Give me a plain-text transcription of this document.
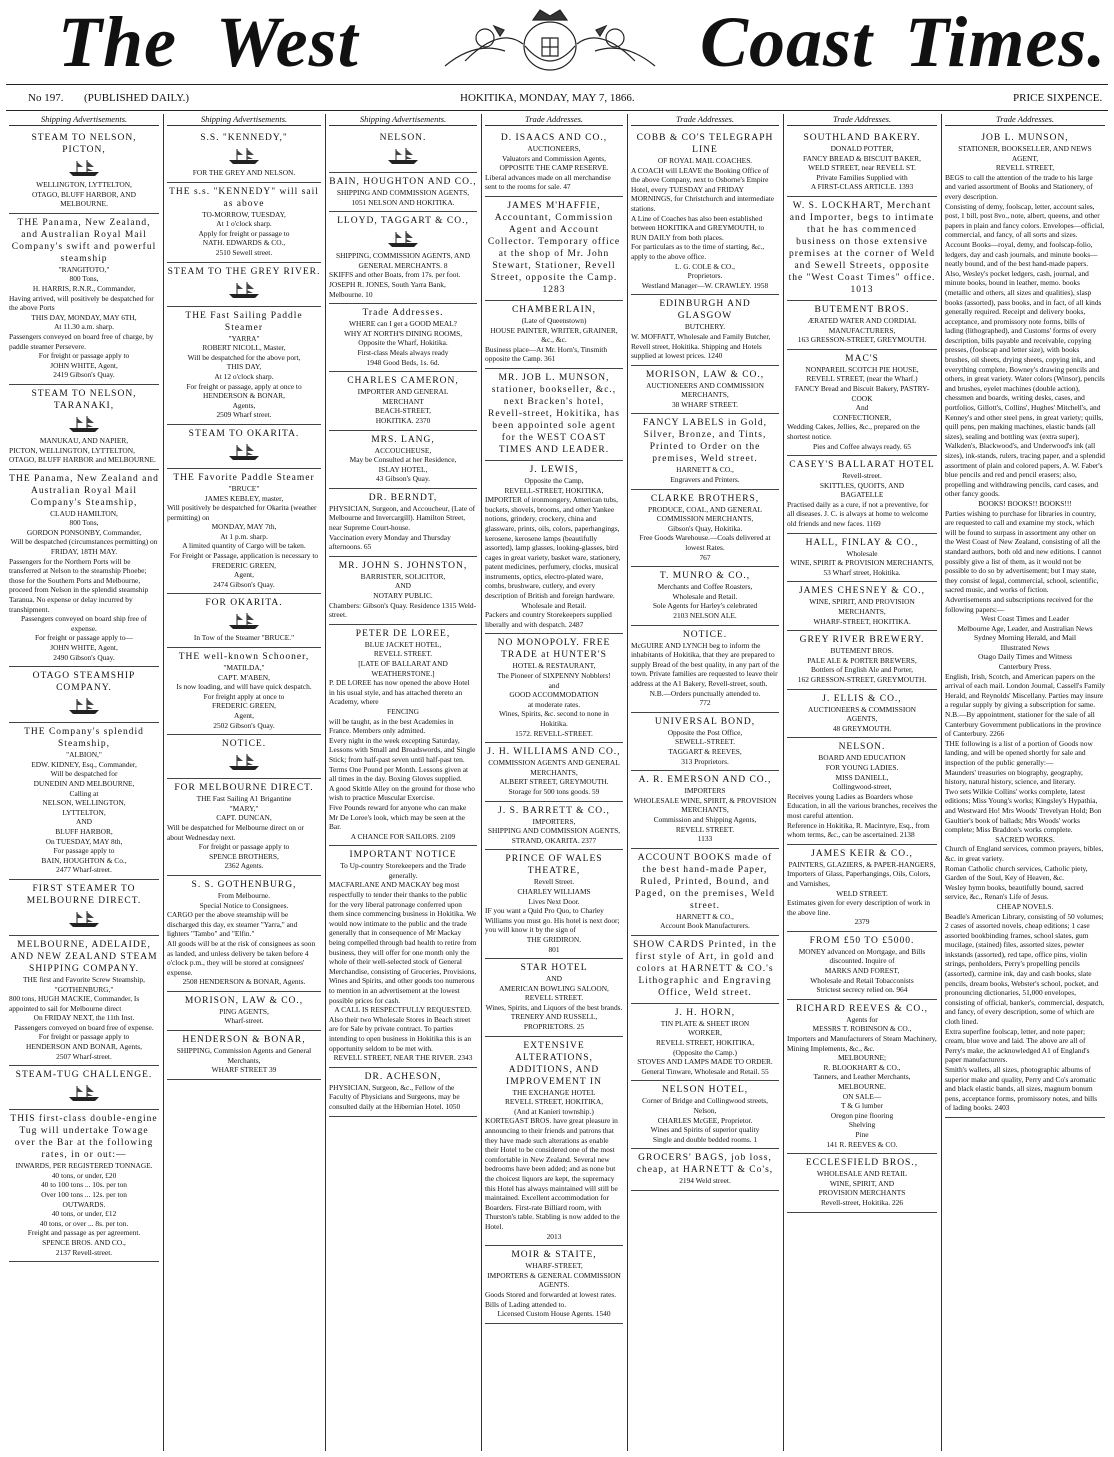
The West	Coast Times.
No 197. (PUBLISHED DAILY.)	HOKITIKA, MONDAY, MAY 7, 1866.	PRICE SIXPENCE.
Shipping Advertisements.

STEAM TO NELSON, PICTON,

WELLINGTON, LYTTELTON,

OTAGO, BLUFF HARBOR, AND

MELBOURNE.

THE Panama, New Zealand, and Australian Royal Mail Company's swift and powerful steamship

"RANGITOTO,"

800 Tons,

H. HARRIS, R.N.R., Commander,

Having arrived, will positively be despatched for the above Ports

THIS DAY, MONDAY, MAY 6TH,

At 11.30 a.m. sharp.

Passengers conveyed on board free of charge, by paddle steamer Persevere.

For freight or passage apply to

JOHN WHITE, Agent,

2419 Gibson's Quay.

STEAM TO NELSON, TARANAKI,

MANUKAU, AND NAPIER,

PICTON, WELLINGTON, LYTTELTON, OTAGO, BLUFF HARBOR and MELBOURNE.

THE Panama, New Zealand and Australian Royal Mail Company's Steamship,

CLAUD HAMILTON,

800 Tons,

GORDON PONSONBY, Commander,

Will be despatched (circumstances permitting) on

FRIDAY, 18TH MAY.

Passengers for the Northern Ports will be transferred at Nelson to the steamship Phoebe; those for the Southern Ports and Melbourne, proceed from Nelson in the splendid steamship Taranua. No expense or delay incurred by transhipment.

Passengers conveyed on board ship free of expense.

For freight or passage apply to—

JOHN WHITE, Agent,

2490 Gibson's Quay.

OTAGO STEAMSHIP COMPANY.

THE Company's splendid Steamship,

"ALBION,"

EDW. KIDNEY, Esq., Commander,

Will be despatched for

DUNEDIN AND MELBOURNE,

Calling at

NELSON, WELLINGTON,

LYTTELTON,

AND

BLUFF HARBOR,

On TUESDAY, MAY 8th,

For passage apply to

BAIN, HOUGHTON & Co.,

2477 Wharf-street.

FIRST STEAMER TO MELBOURNE DIRECT.

MELBOURNE, ADELAIDE, AND NEW ZEALAND STEAM SHIPPING COMPANY.

THE first and Favorite Screw Steamship, "GOTHENBURG,"

800 tons, HUGH MACKIE, Commander, Is appointed to sail for Melbourne direct

On FRIDAY NEXT, the 11th Inst.

Passengers conveyed on board free of expense.

For freight or passage apply to

HENDERSON AND BONAR, Agents,

2507 Wharf-street.

STEAM-TUG CHALLENGE.

THIS first-class double-engine Tug will undertake Towage over the Bar at the following rates, in or out:—

INWARDS, PER REGISTERED TONNAGE.

40 tons, or under, £20

40 to 100 tons ... 10s. per ton

Over 100 tons ... 12s. per ton

OUTWARDS.

40 tons, or under, £12

40 tons, or over ... 8s. per ton.

Freight and passage as per agreement.

SPENCE BROS. AND CO.,

2137 Revell-street.

Shipping Advertisements.

S.S. "KENNEDY,"

FOR THE GREY AND NELSON.

THE s.s. "KENNEDY" will sail as above

TO-MORROW, TUESDAY,

At 1 o'clock sharp.

Apply for freight or passage to

NATH. EDWARDS & CO.,

2510 Sewell street.

STEAM TO THE GREY RIVER.

THE Fast Sailing Paddle Steamer

"YARRA"

ROBERT NICOLL, Master,

Will be despatched for the above port,

THIS DAY,

At 12 o'clock sharp.

For freight or passage, apply at once to

HENDERSON & BONAR,

Agents,

2509 Wharf street.

STEAM TO OKARITA.

THE Favorite Paddle Steamer

"BRUCE"

JAMES KEBLEY, master,

Will positively be despatched for Okarita (weather permitting) on

MONDAY, MAY 7th,

At 1 p.m. sharp.

A limited quantity of Cargo will be taken.

For Freight or Passage, application is necessary to

FREDERIC GREEN,

Agent,

2474 Gibson's Quay.

FOR OKARITA.

In Tow of the Steamer "BRUCE."

THE well-known Schooner,

"MATILDA,"

CAPT. M'ABEN,

Is now loading, and will have quick despatch.

For freight apply at once to

FREDERIC GREEN,

Agent,

2502 Gibson's Quay.

NOTICE.

FOR MELBOURNE DIRECT.

THE Fast Sailing A1 Brigantine

"MARY,"

CAPT. DUNCAN,

Will be despatched for Melbourne direct on or about Wednesday next.

For freight or passage apply to

SPENCE BROTHERS,

2362 Agents.

S. S. GOTHENBURG,

From Melbourne.

Special Notice to Consignees.

CARGO per the above steamship will be discharged this day, ex steamer "Yarra," and lighters "Tambo" and "Elfin."

All goods will be at the risk of consignees as soon as landed, and unless delivery be taken before 4 o'clock p.m., they will be stored at consignees' expense.

2508 HENDERSON & BONAR, Agents.

MORISON, LAW & CO.,

PING AGENTS,

Wharf-street.

HENDERSON & BONAR,

SHIPPING, Commission Agents and General Merchants,

WHARF STREET 39

Shipping Advertisements.

NELSON.

BAIN, HOUGHTON AND CO.,

SHIPPING AND COMMISSION AGENTS,

1051 NELSON AND HOKITIKA.

LLOYD, TAGGART & CO.,

SHIPPING, COMMISSION AGENTS, AND GENERAL MERCHANTS. 8

SKIFFS and other Boats, from 17s. per foot. JOSEPH R. JONES, South Yarra Bank, Melbourne. 10

Trade Addresses.

WHERE can I get a GOOD MEAL?

WHY AT NORTH'S DINING ROOMS,

Opposite the Wharf, Hokitika.

First-class Meals always ready

1948 Good Beds, 1s. 6d.

CHARLES CAMERON,

IMPORTER AND GENERAL

MERCHANT

BEACH-STREET,

HOKITIKA. 2370

MRS. LANG,

ACCOUCHEUSE,

May be Consulted at her Residence,

ISLAY HOTEL,

43 Gibson's Quay.

DR. BERNDT,

PHYSICIAN, Surgeon, and Accoucheur, (Late of Melbourne and Invercargill). Hamilton Street, near Supreme Court-house.

Vaccination every Monday and Thursday afternoons. 65

MR. JOHN S. JOHNSTON,

BARRISTER, SOLICITOR,

AND

NOTARY PUBLIC.

Chambers: Gibson's Quay. Residence 1315 Weld-street.

PETER DE LOREE,

BLUE JACKET HOTEL,

REVELL STREET.

[LATE OF BALLARAT AND WEATHERSTONE.]

P. DE LOREE has now opened the above Hotel in his usual style, and has attached thereto an Academy, where

FENCING

will be taught, as in the best Academies in France. Members only admitted.

Every night in the week excepting Saturday, Lessons with Small and Broadswords, and Single Stick; from half-past seven until half-past ten. Terms One Pound per Month. Lessons given at all times in the day. Boxing Gloves supplied.

A good Skittle Alley on the ground for those who wish to practice Muscular Exercise.

Five Pounds reward for anyone who can make Mr De Loree's look, which may be seen at the Bar.

A CHANCE FOR SAILORS. 2109

IMPORTANT NOTICE

To Up-country Storekeepers and the Trade generally.

MACFARLANE AND MACKAY beg most respectfully to tender their thanks to the public for the very liberal patronage conferred upon them since commencing business in Hokitika. We would now intimate to the public and the trade generally that in consequence of Mr Mackay being compelled through bad health to retire from business, they will offer for one month only the whole of their well-selected stock of General Merchandise, consisting of Groceries, Provisions, Wines and Spirits, and other goods too numerous to mention in an advertisement at the lowest possible prices for cash.

A CALL IS RESPECTFULLY REQUESTED.

Also their two Wholesale Stores in Beach street are for Sale by private contract. To parties intending to open business in Hokitika this is an opportunity seldom to be met with.

REVELL STREET, NEAR THE RIVER. 2343

DR. ACHESON,

PHYSICIAN, Surgeon, &c., Fellow of the Faculty of Physicians and Surgeons, may be consulted daily at the Hibernian Hotel. 1050

Trade Addresses.

D. ISAACS AND CO.,

AUCTIONEERS,

Valuators and Commission Agents,

OPPOSITE THE CAMP RESERVE.

Liberal advances made on all merchandise sent to the rooms for sale. 47

JAMES M'HAFFIE, Accountant, Commission Agent and Account Collector. Temporary office at the shop of Mr. John Stewart, Stationer, Revell Street, opposite the Camp. 1283

CHAMBERLAIN,

(Late of Queenstown)

HOUSE PAINTER, WRITER, GRAINER, &c., &c.

Business place—At Mr. Horn's, Tinsmith opposite the Camp. 361

MR. JOB L. MUNSON, stationer, bookseller, &c., next Bracken's hotel, Revell-street, Hokitika, has been appointed sole agent for the WEST COAST TIMES AND LEADER.

J. LEWIS,

Opposite the Camp,

REVELL-STREET, HOKITIKA,

IMPORTER of ironmongery, American tubs, buckets, shovels, brooms, and other Yankee notions, grindery, crockery, china and glassware, prints, oils, colors, paperhangings, kerosene, kerosene lamps (beautifully assorted), lamp glasses, looking-glasses, bird cages in great variety, basket ware, stationery, patent medicines, perfumery, clocks, musical instruments, optics, electro-plated ware, combs, brushware, cutlery, and every description of British and foreign hardware.

Wholesale and Retail.

Packers and country Storekeepers supplied liberally and with despatch. 2487

NO MONOPOLY. FREE TRADE at HUNTER'S

HOTEL & RESTAURANT,

The Pioneer of SIXPENNY Nobblers!

and

GOOD ACCOMMODATION

at moderate rates.

Wines, Spirits, &c. second to none in Hokitika.

1572. REVELL-STREET.

J. H. WILLIAMS AND CO.,

COMMISSION AGENTS AND GENERAL MERCHANTS,

ALBERT STREET, GREYMOUTH.

Storage for 500 tons goods. 59

J. S. BARRETT & CO.,

IMPORTERS,

SHIPPING AND COMMISSION AGENTS,

STRAND, OKARITA. 2377

PRINCE OF WALES THEATRE,

Revell Street.

CHARLEY WILLIAMS

Lives Next Door.

IF you want a Quid Pro Quo, to Charley Williams you must go. His hotel is next door; you will know it by the sign of

THE GRIDIRON.

801

STAR HOTEL

AND

AMERICAN BOWLING SALOON,

REVELL STREET.

Wines, Spirits, and Liquors of the best brands.

TRENERY AND RUSSELL,

PROPRIETORS. 25

EXTENSIVE ALTERATIONS, ADDITIONS, AND IMPROVEMENT IN

THE EXCHANGE HOTEL

REVELL STREET, HOKITIKA,

(And at Kanieri township.)

KORTEGAST BROS. have great pleasure in announcing to their friends and patrons that they have made such alterations as enable their Hotel to be considered one of the most comfortable in New Zealand. Several new bedrooms have been added; and as none but the choicest liquors are kept, the supremacy this Hotel has always maintained will still be maintained. Excellent accommodation for Boarders. First-rate Billiard room, with Thurston's table. Stabling is now added to the Hotel.

2013

MOIR & STAITE,

WHARF-STREET,

IMPORTERS & GENERAL COMMISSION AGENTS.

Goods Stored and forwarded at lowest rates. Bills of Lading attended to.

Licensed Custom House Agents. 1540

Trade Addresses.

COBB & CO'S TELEGRAPH LINE

OF ROYAL MAIL COACHES.

A COACH will LEAVE the Booking Office of the above Company, next to Osborne's Empire Hotel, every TUESDAY and FRIDAY MORNINGS, for Christchurch and intermediate stations.

A Line of Coaches has also been established between HOKITIKA and GREYMOUTH, to RUN DAILY from both places.

For particulars as to the time of starting, &c., apply to the above office.

L. G. COLE & CO.,

Proprietors.

Westland Manager—W. CRAWLEY. 1958

EDINBURGH AND GLASGOW

BUTCHERY.

W. MOFFATT, Wholesale and Family Butcher, Revell street, Hokitika. Shipping and Hotels supplied at lowest prices. 1240

MORISON, LAW & CO.,

AUCTIONEERS AND COMMISSION

MERCHANTS,

38 WHARF STREET.

FANCY LABELS in Gold, Silver, Bronze, and Tints, Printed to Order on the premises, Weld street.

HARNETT & CO.,

Engravers and Printers.

CLARKE BROTHERS,

PRODUCE, COAL, AND GENERAL

COMMISSION MERCHANTS,

Gibson's Quay, Hokitika.

Free Goods Warehouse.—Coals delivered at lowest Rates.

767

T. MUNRO & CO.,

Merchants and Coffee Roasters,

Wholesale and Retail.

Sole Agents for Harley's celebrated

2103 NELSON ALE.

NOTICE.

McGUIRE AND LYNCH beg to inform the inhabitants of Hokitika, that they are prepared to supply Bread of the best quality, in any part of the town. Private families are requested to leave their address at the A1 Bakery, Revell-street, south.

N.B.—Orders punctually attended to.

772

UNIVERSAL BOND,

Opposite the Post Office,

SEWELL-STREET.

TAGGART & REEVES,

313 Proprietors.

A. R. EMERSON AND CO.,

IMPORTERS

WHOLESALE WINE, SPIRIT, & PROVISION MERCHANTS,

Commission and Shipping Agents,

REVELL STREET.

1133

ACCOUNT BOOKS made of the best hand-made Paper, Ruled, Printed, Bound, and Paged, on the premises, Weld street.

HARNETT & CO.,

Account Book Manufacturers.

SHOW CARDS Printed, in the first style of Art, in gold and colors at HARNETT & CO.'s Lithographic and Engraving Office, Weld street.

J. H. HORN,

TIN PLATE & SHEET IRON

WORKER,

REVELL STREET, HOKITIKA,

(Opposite the Camp.)

STOVES AND LAMPS MADE TO ORDER.

General Tinware, Wholesale and Retail. 55

NELSON HOTEL,

Corner of Bridge and Collingwood streets,

Nelson,

CHARLES McGEE, Proprietor.

Wines and Spirits of superior quality

Single and double bedded rooms. 1

GROCERS' BAGS, job loss, cheap, at HARNETT & Co's,

2194 Weld street.

Trade Addresses.

SOUTHLAND BAKERY.

DONALD POTTER,

FANCY BREAD & BISCUIT BAKER,

WELD STREET, near REVELL ST.

Private Families Supplied with

A FIRST-CLASS ARTICLE. 1393

W. S. LOCKHART, Merchant and Importer, begs to intimate that he has commenced business on those extensive premises at the corner of Weld and Sewell Streets, opposite the "West Coast Times" office. 1013

BUTEMENT BROS.

ÆRATED WATER AND CORDIAL

MANUFACTURERS,

163 GRESSON-STREET, GREYMOUTH.

MAC'S

NONPAREIL SCOTCH PIE HOUSE,

REVELL STREET, (near the Wharf.)

FANCY Bread and Biscuit Bakery, PASTRY-COOK

And

CONFECTIONER,

Wedding Cakes, Jellies, &c., prepared on the shortest notice.

Pies and Coffee always ready. 65

CASEY'S BALLARAT HOTEL

Revell-street.

SKITTLES, QUOITS, AND

BAGATELLE

Practised daily as a cure, if not a preventive, for all diseases. J. C. is always at home to welcome old friends and new faces. 1169

HALL, FINLAY & CO.,

Wholesale

WINE, SPIRIT & PROVISION MERCHANTS,

53 Wharf street, Hokitika.

JAMES CHESNEY & CO.,

WINE, SPIRIT, AND PROVISION

MERCHANTS,

WHARF-STREET, HOKITIKA.

GREY RIVER BREWERY.

BUTEMENT BROS.

PALE ALE & PORTER BREWERS,

Bottlers of English Ale and Porter,

162 GRESSON-STREET, GREYMOUTH.

J. ELLIS & CO.,

AUCTIONEERS & COMMISSION

AGENTS,

48 GREYMOUTH.

NELSON.

BOARD AND EDUCATION

FOR YOUNG LADIES.

MISS DANIELL,

Collingwood-street,

Receives young Ladies as Boarders whose Education, in all the various branches, receives the most careful attention.

Reference in Hokitika, R. Macintyre, Esq., from whom terms, &c., can be ascertained. 2138

JAMES KEIR & CO.,

PAINTERS, GLAZIERS, & PAPER-HANGERS,

Importers of Glass, Paperhangings, Oils, Colors, and Varnishes,

WELD STREET.

Estimates given for every description of work in the above line.

2379

FROM £50 TO £5000.

MONEY advanced on Mortgage, and Bills discounted. Inquire of

MARKS AND FOREST,

Wholesale and Retail Tobacconists

Strictest secrecy relied on. 964

RICHARD REEVES & CO.,

Agents for

MESSRS T. ROBINSON & CO.,

Importers and Manufacturers of Steam Machinery, Mining Implements, &c., &c.

MELBOURNE;

R. BLOOKHART & CO.,

Tanners, and Leather Merchants,

MELBOURNE.

ON SALE—

T & G lumber

Oregon pine flooring

Shelving

Pine

141 R. REEVES & CO.

ECCLESFIELD BROS.,

WHOLESALE AND RETAIL

WINE, SPIRIT, AND

PROVISION MERCHANTS

Revell-street, Hokitika. 226

Trade Addresses.

JOB L. MUNSON,

STATIONER, BOOKSELLER, AND NEWS

AGENT,

REVELL STREET,

BEGS to call the attention of the trade to his large and varied assortment of Books and Stationery, of every description.

Consisting of demy, foolscap, letter, account sales, post, 1 bill, post 8vo., note, albert, queens, and other papers in plain and fancy colors. Envelopes—official, commercial, and fancy, of all sorts and sizes.

Account Books—royal, demy, and foolscap-folio, ledgers, day and cash journals, and minute books—neatly bound, and of the best hand-made papers. Also, Wesley's pocket ledgers, cash, journal, and minute books, bound in leather, memo. books (metallic and others, all sizes and qualities), slasp books (assorted), pass books, and in fact, of all kinds generally required. Receipt and delivery books, acceptance, and promissory note forms, bills of lading (lithographed), and Customs' forms of every description, bills payable and receivable, copying presses, (foolscap and letter size), with books brushes, oil sheets, drying sheets, copying ink, and everything complete, Bowney's drawing pencils and others, in great variety. Water colors (Winsor), pencils and brushes, eyelet machines (double action), chessmen and boards, writing desks, cases, and portfolios, Gillott's, Collins', Hughes' Mitchell's, and Kenney's and other steel pens, in great variety; quills, quill pens, pen making machines, elastic bands (all sizes), sealing and bottling wax (extra super), Walkden's, Blackwood's, and Underwood's ink (all sizes), ink-stands, rulers, tracing paper, and a splendid assortment of plain and colored papers, A. W. Faber's blue pencils and red and pencil erasers; also, propelling and withdrawing pencils, card cases, and other fancy goods.

BOOKS! BOOKS!! BOOKS!!!

Parties wishing to purchase for libraries in country, are requested to call and examine my stock, which will be found to surpass in assortment any other on the West Coast of New Zealand, consisting of all the standard authors, both old and new editions. I cannot possibly give a list of them, as it would not be possible to do so by advertisement; but I may state, they consist of legal, commercial, school, scientific, sacred music, and works of fiction.

Advertisements and subscriptions received for the following papers:—

West Coast Times and Leader

Melbourne Age, Leader, and Australian News

Sydney Morning Herald, and Mail

Illustrated News

Otago Daily Times and Witness

Canterbury Press.

English, Irish, Scotch, and American papers on the arrival of each mail. London Journal, Cassell's Family Herald, and Reynolds' Miscellany. Parties may insure a regular supply by giving a subscription for same.

N.B.—By appointment, stationer for the sale of all Canterbury Government publications in the province of Canterbury. 2266

THE following is a list of a portion of Goods now landing, and will be opened shortly for sale and inspection of the public generally:—

Maunders' treasuries on biography, geography, history, natural history, science, and literary.

Two sets Wilkie Collins' works complete, latest editions; Miss Young's works; Kingsley's Hypathia, and Westward Ho! Mrs Woods' Trevelyan Hold; Bon Gaultier's book of ballads; Mrs Woods' works complete; Miss Braddon's works complete.

SACRED WORKS.

Church of England services, common prayers, bibles, &c. in great variety.

Roman Catholic church services, Catholic piety, Garden of the Soul, Key of Heaven, &c.

Wesley hymn books, beautifully bound, sacred service, &c., Renan's Life of Jesus.

CHEAP NOVELS.

Beadle's American Library, consisting of 50 volumes; 2 cases of assorted novels, cheap editions; 1 case assorted bookbinding frames, school slates, gum mucilage, (stained) files, assorted sizes, pewter inkstands (assorted), red tape, office pins, violin strings, penholders, Perry's propelling pencils (assorted), carmine ink, day and cash books, slate pencils, dream books, Webster's school, pocket, and pronouncing dictionaries, 51,000 envelopes, consisting of official, banker's, commercial, despatch, and fancy, of every description, some of which are cloth lined.

Extra superfine foolscap, letter, and note paper; cream, blue wove and laid. The above are all of Perry's make, the acknowledged A1 of England's paper manufacturers.

Smith's wallets, all sizes, photographic albums of superior make and quality, Perry and Co's aromatic and black elastic bands, all sizes, magnum bonum pens, acceptance forms, promissory notes, and bills of lading books. 2403
